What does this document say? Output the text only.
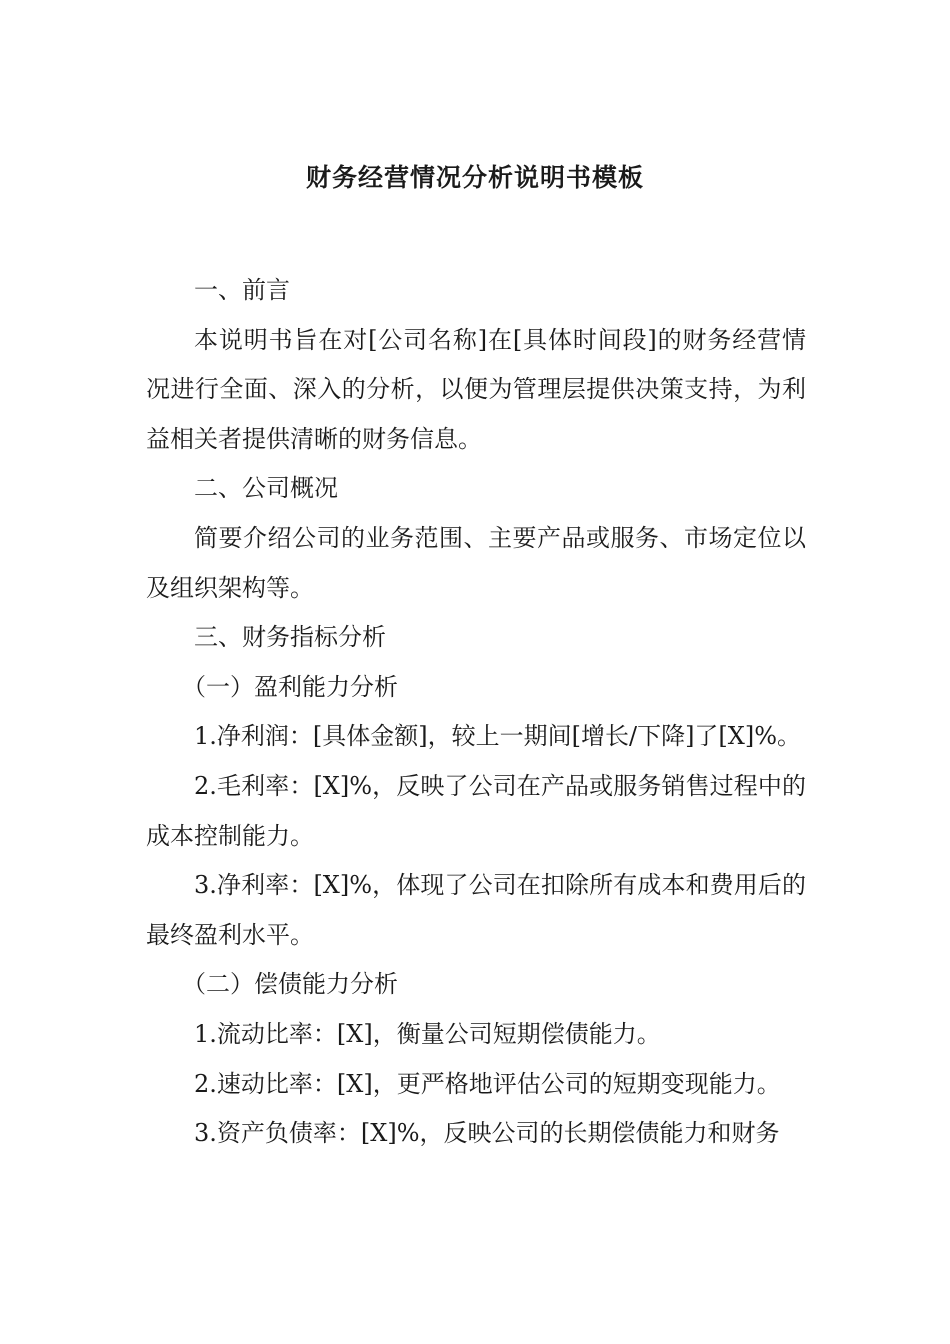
财务经营情况分析说明书模板

一、前言

本说明书旨在对[公司名称]在[具体时间段]的财务经营情况进行全面、深入的分析，以便为管理层提供决策支持，为利益相关者提供清晰的财务信息。

二、公司概况

简要介绍公司的业务范围、主要产品或服务、市场定位以及组织架构等。

三、财务指标分析

（一）盈利能力分析

1.净利润：[具体金额]，较上一期间[增长/下降]了[X]%。

2.毛利率：[X]%，反映了公司在产品或服务销售过程中的成本控制能力。

3.净利率：[X]%，体现了公司在扣除所有成本和费用后的最终盈利水平。

（二）偿债能力分析

1.流动比率：[X]，衡量公司短期偿债能力。

2.速动比率：[X]，更严格地评估公司的短期变现能力。

3.资产负债率：[X]%，反映公司的长期偿债能力和财务
